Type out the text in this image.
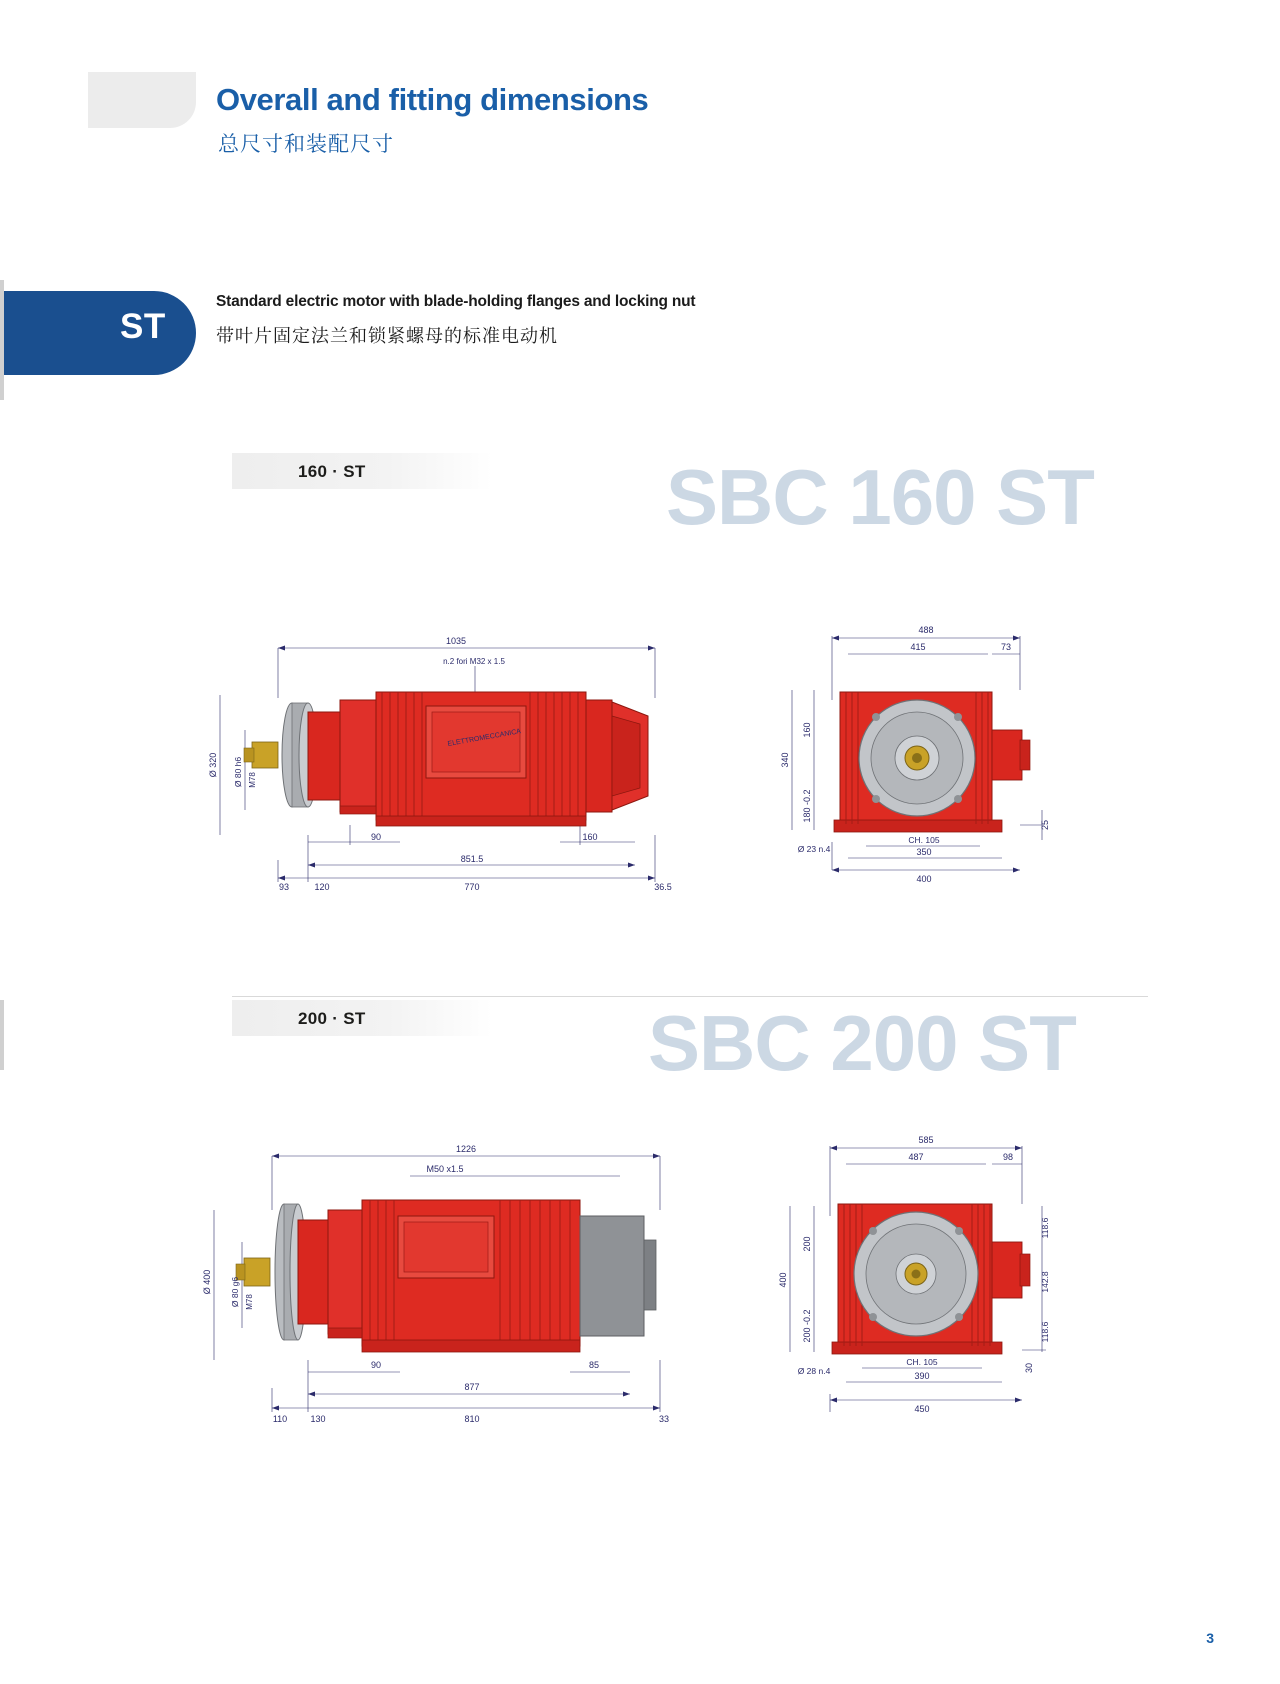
Overall and fitting dimensions
总尺寸和装配尺寸
ST
Standard electric motor with blade-holding flanges and locking nut
带叶片固定法兰和锁紧螺母的标准电动机
160 · ST	SBC 160 ST
ELETTROMECCANICA
1035
n.2 fori M32 x 1.5
Ø 320 Ø 80 h6 M78
90	160
851.5
93	120	770	36.5
488
415	73
340
160
180 -0.2
Ø 23 n.4
CH. 105
350
400
25
200 · ST	SBC 200 ST
1226
M50 x1.5
Ø 400 Ø 80 g6 M78
90	85
877
110	130	810	33
585
487	98
400
200
200 -0.2
118.6
142.8
118.6
Ø 28 n.4
CH. 105
390
450
30
3
